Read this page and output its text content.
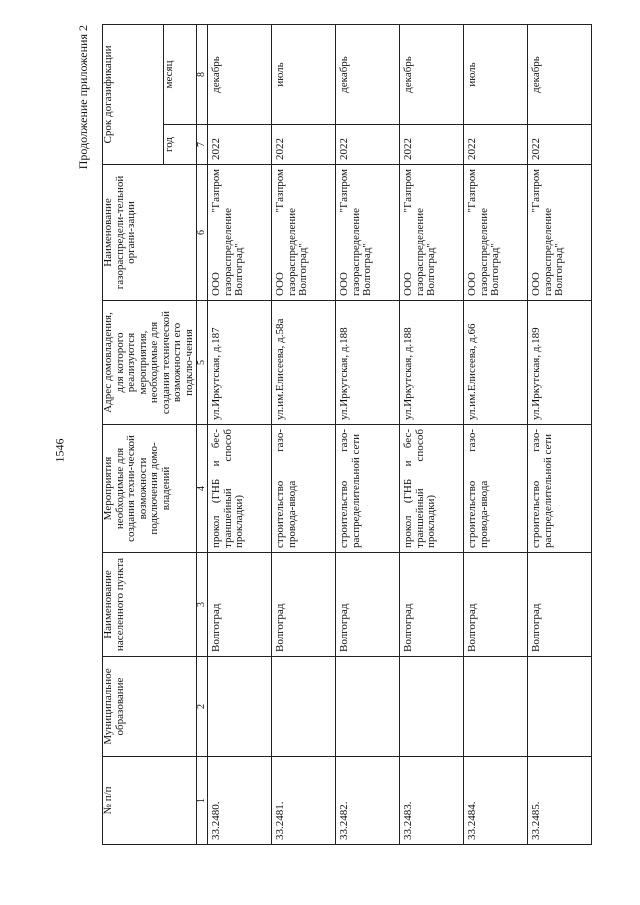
1546
Продолжение приложения 2
№ п/п	Муниципальное образование	Наименование населенного пункта	Мероприятия необходимые для создания техни-ческой возможности подключения домо-владений	Адрес домовладения, для которого реализуются мероприятия, необходимые для создания технической возможности его подклю-чения	Наименование газораспредели-тельной органи-зации	Срок догазификации	
						год	месяц
1	2	3	4	5	6	7	8
33.2480.		Волгоград	прокол (ГНБ и бес-траншейный способ прокладки)	ул.Иркутская, д.187	ООО "Газпром газораспределение Волгоград"	2022	декабрь
33.2481.		Волгоград	строительство газо-провода-ввода	ул.им.Елисеева, д.58а	ООО "Газпром газораспределение Волгоград"	2022	июль
33.2482.		Волгоград	строительство газо-распределительной сети	ул.Иркутская, д.188	ООО "Газпром газораспределение Волгоград"	2022	декабрь
33.2483.		Волгоград	прокол (ГНБ и бес-траншейный способ прокладки)	ул.Иркутская, д.188	ООО "Газпром газораспределение Волгоград"	2022	декабрь
33.2484.		Волгоград	строительство газо-провода-ввода	ул.им.Елисеева, д.66	ООО "Газпром газораспределение Волгоград"	2022	июль
33.2485.		Волгоград	строительство газо-распределительной сети	ул.Иркутская, д.189	ООО "Газпром газораспределение Волгоград"	2022	декабрь
